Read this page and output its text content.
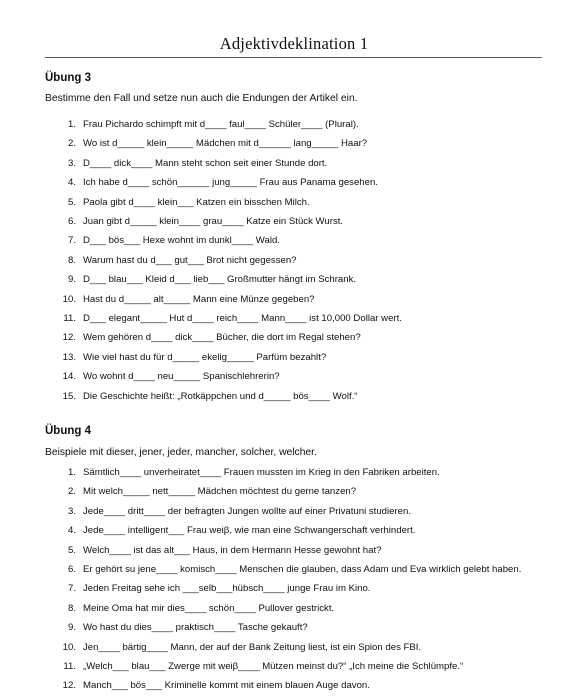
Adjektivdeklination 1
Übung 3
Bestimme den Fall und setze nun auch die Endungen der Artikel ein.
1. Frau Pichardo schimpft mit d____ faul____ Schüler____ (Plural).
2. Wo ist d_____ klein_____ Mädchen mit d______ lang_____ Haar?
3. D____ dick____ Mann steht schon seit einer Stunde dort.
4. Ich habe d____ schön______ jung_____ Frau aus Panama gesehen.
5. Paola gibt d____ klein___ Katzen ein bisschen Milch.
6. Juan gibt d_____ klein____ grau____ Katze ein Stück Wurst.
7. D___ bös___ Hexe wohnt im dunkl____ Wald.
8. Warum hast du d___ gut___ Brot nicht gegessen?
9. D___ blau___ Kleid d___ lieb___ Großmutter hängt im Schrank.
10. Hast du d_____ alt_____ Mann eine Münze gegeben?
11. D___ elegant_____ Hut d____ reich____ Mann____ ist 10,000 Dollar wert.
12. Wem gehören d____ dick____ Bücher, die dort im Regal stehen?
13. Wie viel hast du für d_____ ekelig_____ Parfüm bezahlt?
14. Wo wohnt d____ neu_____ Spanischlehrerin?
15. Die Geschichte heißt: „Rotkäppchen und d_____ bös____ Wolf.“
Übung 4
Beispiele mit dieser, jener, jeder, mancher, solcher, welcher.
1. Sämtlich____ unverheiratet____ Frauen mussten im Krieg in den Fabriken arbeiten.
2. Mit welch_____ nett_____ Mädchen möchtest du gerne tanzen?
3. Jede____ dritt____ der befragten Jungen wollte auf einer Privatuni studieren.
4. Jede____ intelligent___ Frau weiβ, wie man eine Schwangerschaft verhindert.
5. Welch____ ist das alt___ Haus, in dem Hermann Hesse gewohnt hat?
6. Er gehört su jene____ komisch____ Menschen die glauben, dass Adam und Eva wirklich gelebt haben.
7. Jeden Freitag sehe ich ___selb___hübsch____ junge Frau im Kino.
8. Meine Oma hat mir dies____ schön____ Pullover gestrickt.
9. Wo hast du dies____ praktisch____ Tasche gekauft?
10. Jen____ bärtig____ Mann, der auf der Bank Zeitung liest, ist ein Spion des FBI.
11. „Welch___ blau___ Zwerge mit weiβ____ Mützen meinst du?“ „Ich meine die Schlümpfe.“
12. Manch___ bös___ Kriminelle kommt mit einem blauen Auge davon.
